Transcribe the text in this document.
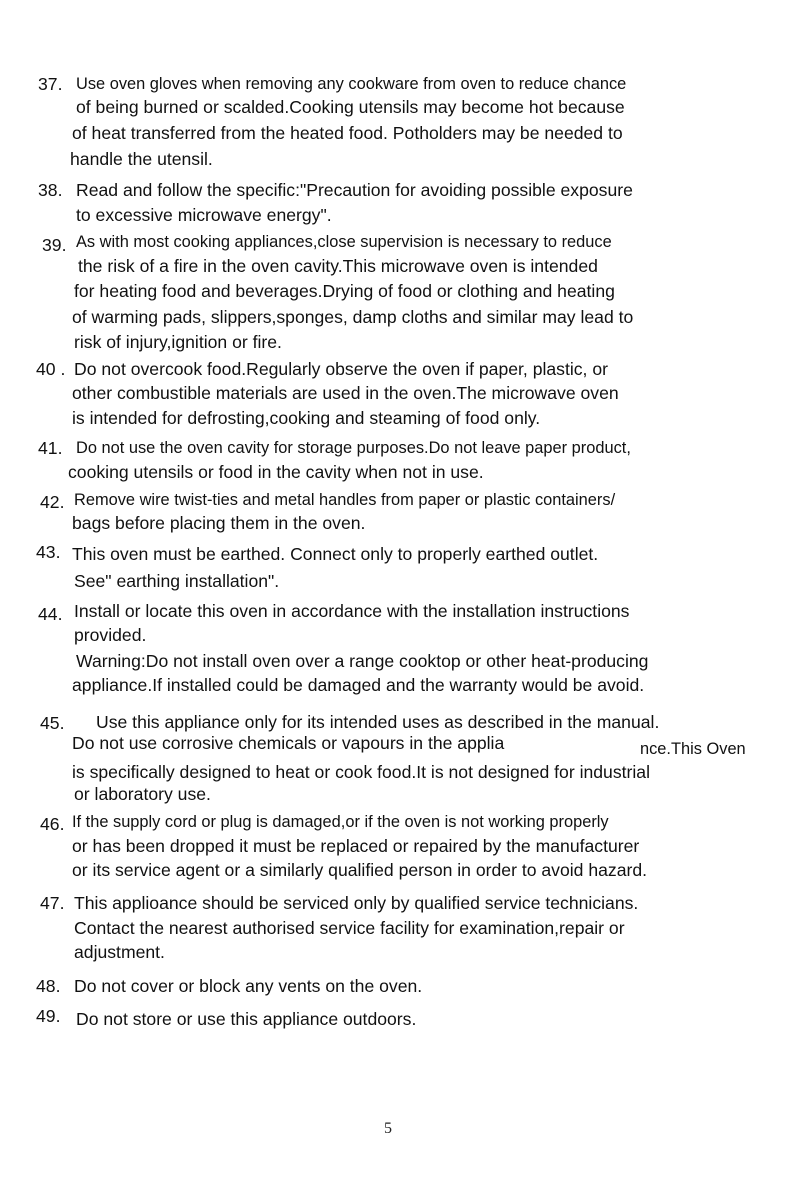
37. Use oven gloves when removing any cookware from oven to reduce chance
of being burned or scalded.Cooking utensils may become hot because
of heat transferred from the heated food. Potholders may be needed to
handle the utensil.
38. Read and follow the specific:"Precaution for avoiding possible exposure
to excessive microwave energy".
39. As with most cooking appliances,close supervision is necessary to reduce
the risk of a fire in the oven cavity.This microwave oven is intended
for heating food and beverages.Drying of food or clothing and heating
of warming pads, slippers,sponges, damp cloths and similar may lead to
risk of injury,ignition or fire.
40 . Do not overcook food.Regularly observe the oven if paper, plastic, or
other combustible materials are used in the oven.The microwave oven
is intended for defrosting,cooking and steaming of food only.
41. Do not use the oven cavity for storage purposes.Do not leave paper product,
cooking utensils or food in the cavity when not in use.
42. Remove wire twist-ties and metal handles from paper or plastic containers/
bags before placing them in the oven.
43. This oven must be earthed. Connect only to properly earthed outlet.
See" earthing installation".
44. Install or locate this oven in accordance with the installation instructions
provided.
Warning:Do not install oven over a range cooktop or other heat-producing
appliance.If installed could be damaged and the warranty would be avoid.
45. Use this appliance only for its intended uses as described in the manual.
Do not use corrosive chemicals or vapours in the applia	nce.This Oven
is specifically designed to heat or cook food.It is not designed for industrial
or laboratory use.
46. If the supply cord or plug is damaged,or if the oven is not working properly
or has been dropped it must be replaced or repaired by the manufacturer
or its service agent or a similarly qualified person in order to avoid hazard.
47. This applioance should be serviced only by qualified service technicians.
Contact the nearest authorised service facility for examination,repair or
adjustment.
48. Do not cover or block any vents on the oven.
49. Do not store or use this appliance outdoors.
5
